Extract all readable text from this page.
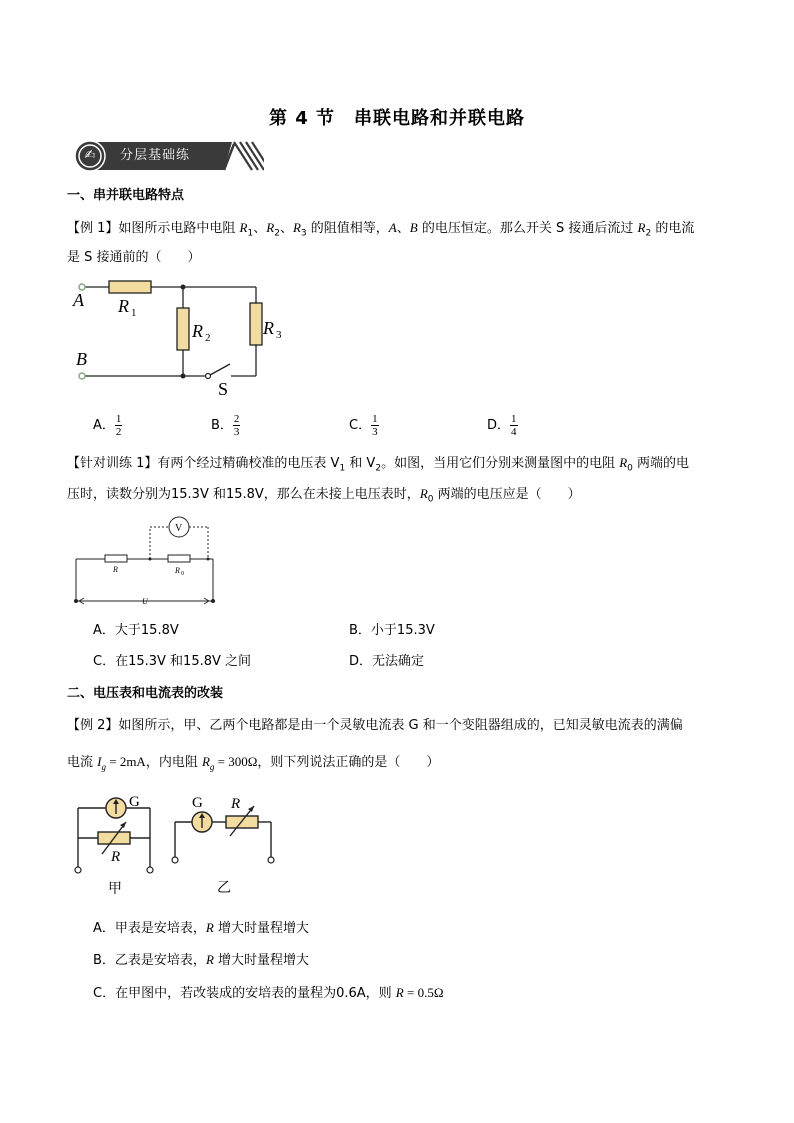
第 4 节　串联电路和并联电路
✍ 分层基础练
一、串并联电路特点
【例 1】如图所示电路中电阻 $R_1$、$R_2$、$R_3$ 的阻值相等，A、B 的电压恒定。那么开关 S 接通后流过 $R_2$ 的电流
是 S 接通前的（　　）
A
B
R 1
R 2	R 3
S
A． $\frac{1}{2}$	B． $\frac{2}{3}$	C． $\frac{1}{3}$	D． $\frac{1}{4}$
【针对训练 1】有两个经过精确校准的电压表 $V_1$ 和 $V_2$。如图，当用它们分别来测量图中的电阻 $R_0$ 两端的电
压时，读数分别为15.3V 和15.8V，那么在未接上电压表时，$R_0$ 两端的电压应是（　　）
V
R	R 0
U
A．大于15.8V	B．小于15.3V
C．在15.3V 和15.8V 之间	D．无法确定
二、电压表和电流表的改装
【例 2】如图所示，甲、乙两个电路都是由一个灵敏电流表 G 和一个变阻器组成的，已知灵敏电流表的满偏
电流 $I_g = 2mA$，内电阻 $R_g = 300\Omega$，则下列说法正确的是（　　）
G
R
甲
G R
乙
A．甲表是安培表，R 增大时量程增大
B．乙表是安培表，R 增大时量程增大
C．在甲图中，若改装成的安培表的量程为0.6A，则 R = 0.5Ω
